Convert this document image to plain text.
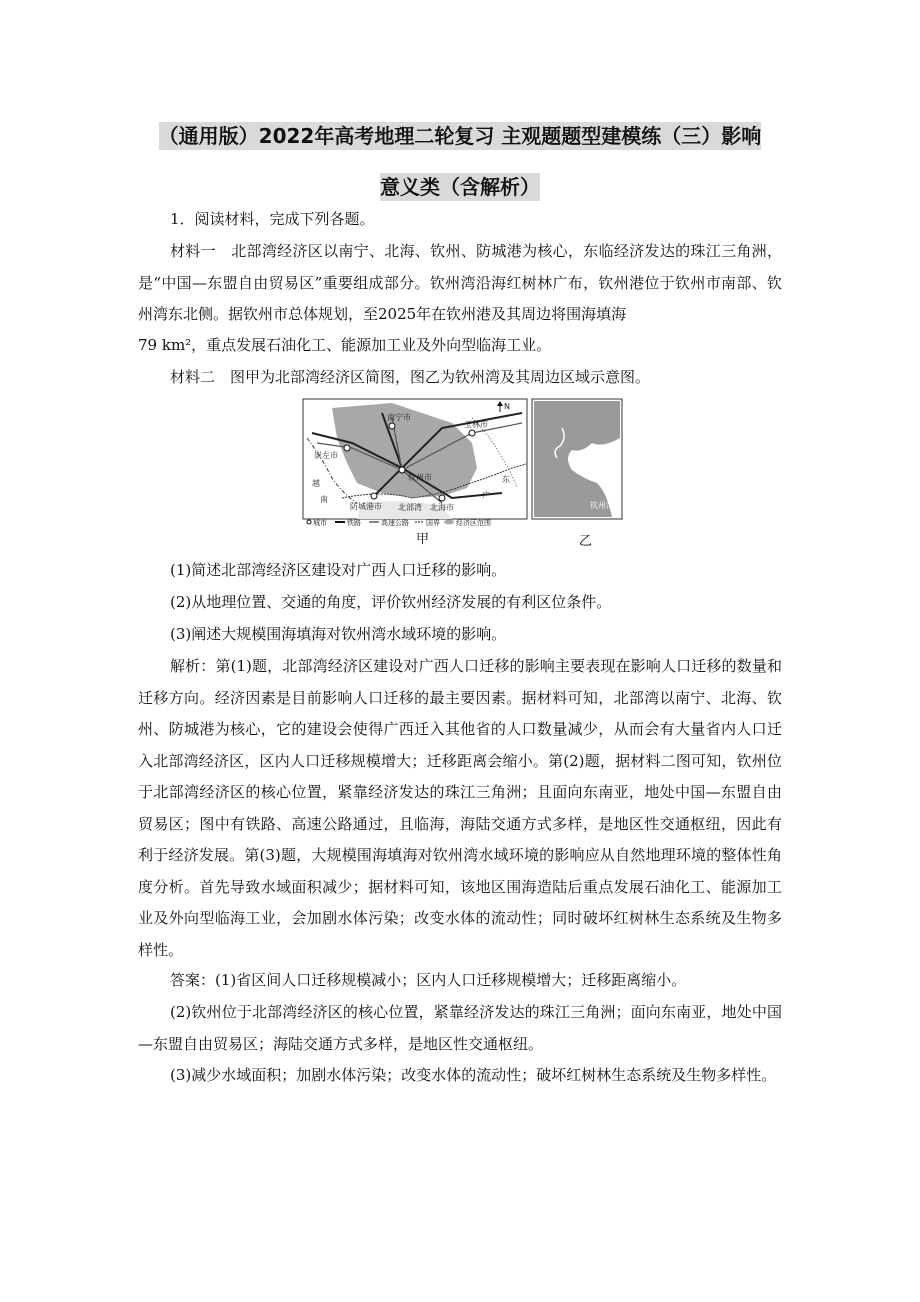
（通用版）2022年高考地理二轮复习 主观题题型建模练（三）影响
意义类（含解析）

1．阅读材料，完成下列各题。

材料一　北部湾经济区以南宁、北海、钦州、防城港为核心，东临经济发达的珠江三角洲，是“中国—东盟自由贸易区”重要组成部分。钦州湾沿海红树林广布，钦州港位于钦州市南部、钦州湾东北侧。据钦州市总体规划，至2025年在钦州港及其周边将围海填海

79 km²，重点发展石油化工、能源加工业及外向型临海工业。

材料二　图甲为北部湾经济区简图，图乙为钦州湾及其周边区域示意图。

南宁市
玉林市
崇左市
钦州市
防城港市	北海市
北部湾
越
南	广
东
N
城市	铁路	高速公路 国界 经济区范围
钦州湾
甲	乙

(1)简述北部湾经济区建设对广西人口迁移的影响。

(2)从地理位置、交通的角度，评价钦州经济发展的有利区位条件。

(3)阐述大规模围海填海对钦州湾水域环境的影响。

解析：第(1)题，北部湾经济区建设对广西人口迁移的影响主要表现在影响人口迁移的数量和迁移方向。经济因素是目前影响人口迁移的最主要因素。据材料可知，北部湾以南宁、北海、钦州、防城港为核心，它的建设会使得广西迁入其他省的人口数量减少，从而会有大量省内人口迁入北部湾经济区，区内人口迁移规模增大；迁移距离会缩小。第(2)题，据材料二图可知，钦州位于北部湾经济区的核心位置，紧靠经济发达的珠江三角洲；且面向东南亚，地处中国—东盟自由贸易区；图中有铁路、高速公路通过，且临海，海陆交通方式多样，是地区性交通枢纽，因此有利于经济发展。第(3)题，大规模围海填海对钦州湾水域环境的影响应从自然地理环境的整体性角度分析。首先导致水域面积减少；据材料可知，该地区围海造陆后重点发展石油化工、能源加工业及外向型临海工业，会加剧水体污染；改变水体的流动性；同时破坏红树林生态系统及生物多样性。

答案：(1)省区间人口迁移规模减小；区内人口迁移规模增大；迁移距离缩小。

(2)钦州位于北部湾经济区的核心位置，紧靠经济发达的珠江三角洲；面向东南亚，地处中国—东盟自由贸易区；海陆交通方式多样，是地区性交通枢纽。

(3)减少水域面积；加剧水体污染；改变水体的流动性；破坏红树林生态系统及生物多样性。
